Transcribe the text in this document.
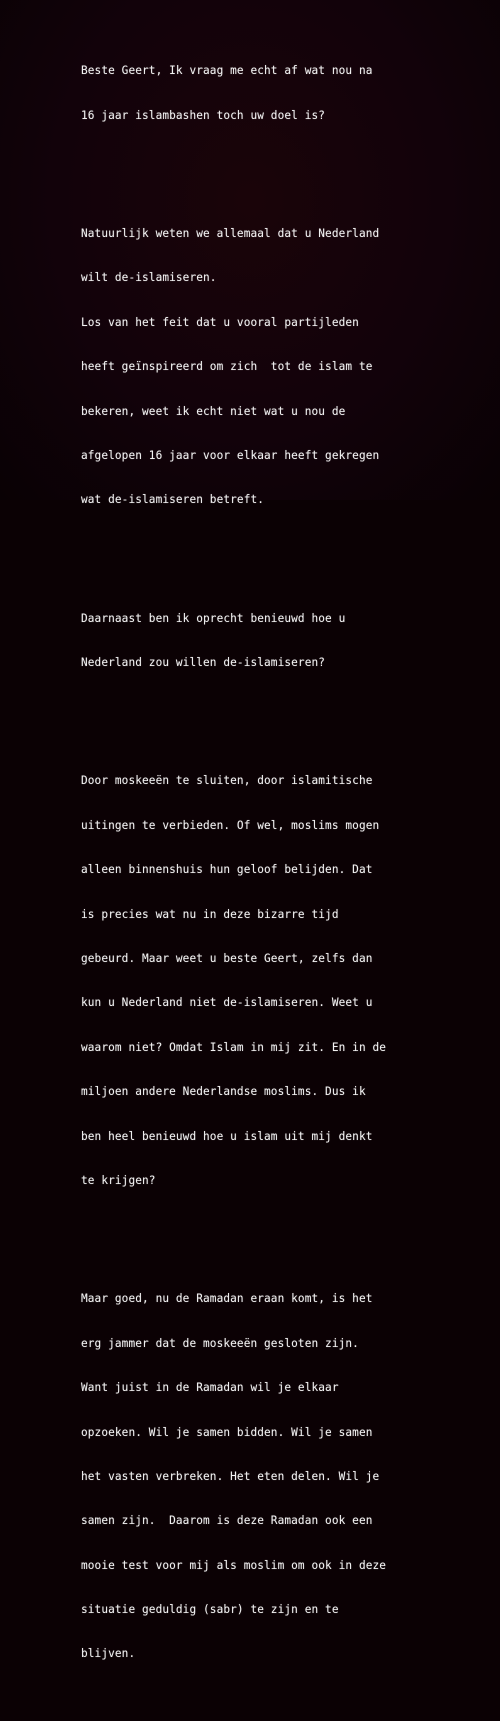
Beste Geert, Ik vraag me echt af wat nou na

16 jaar islambashen toch uw doel is?

Natuurlijk weten we allemaal dat u Nederland

wilt de-islamiseren.

Los van het feit dat u vooral partijleden

heeft geïnspireerd om zich  tot de islam te

bekeren, weet ik echt niet wat u nou de

afgelopen 16 jaar voor elkaar heeft gekregen

wat de-islamiseren betreft.

Daarnaast ben ik oprecht benieuwd hoe u

Nederland zou willen de-islamiseren?

Door moskeeën te sluiten, door islamitische

uitingen te verbieden. Of wel, moslims mogen

alleen binnenshuis hun geloof belijden. Dat

is precies wat nu in deze bizarre tijd

gebeurd. Maar weet u beste Geert, zelfs dan

kun u Nederland niet de-islamiseren. Weet u

waarom niet? Omdat Islam in mij zit. En in de

miljoen andere Nederlandse moslims. Dus ik

ben heel benieuwd hoe u islam uit mij denkt

te krijgen?

Maar goed, nu de Ramadan eraan komt, is het

erg jammer dat de moskeeën gesloten zijn.

Want juist in de Ramadan wil je elkaar

opzoeken. Wil je samen bidden. Wil je samen

het vasten verbreken. Het eten delen. Wil je

samen zijn.  Daarom is deze Ramadan ook een

mooie test voor mij als moslim om ook in deze

situatie geduldig (sabr) te zijn en te

blijven.
